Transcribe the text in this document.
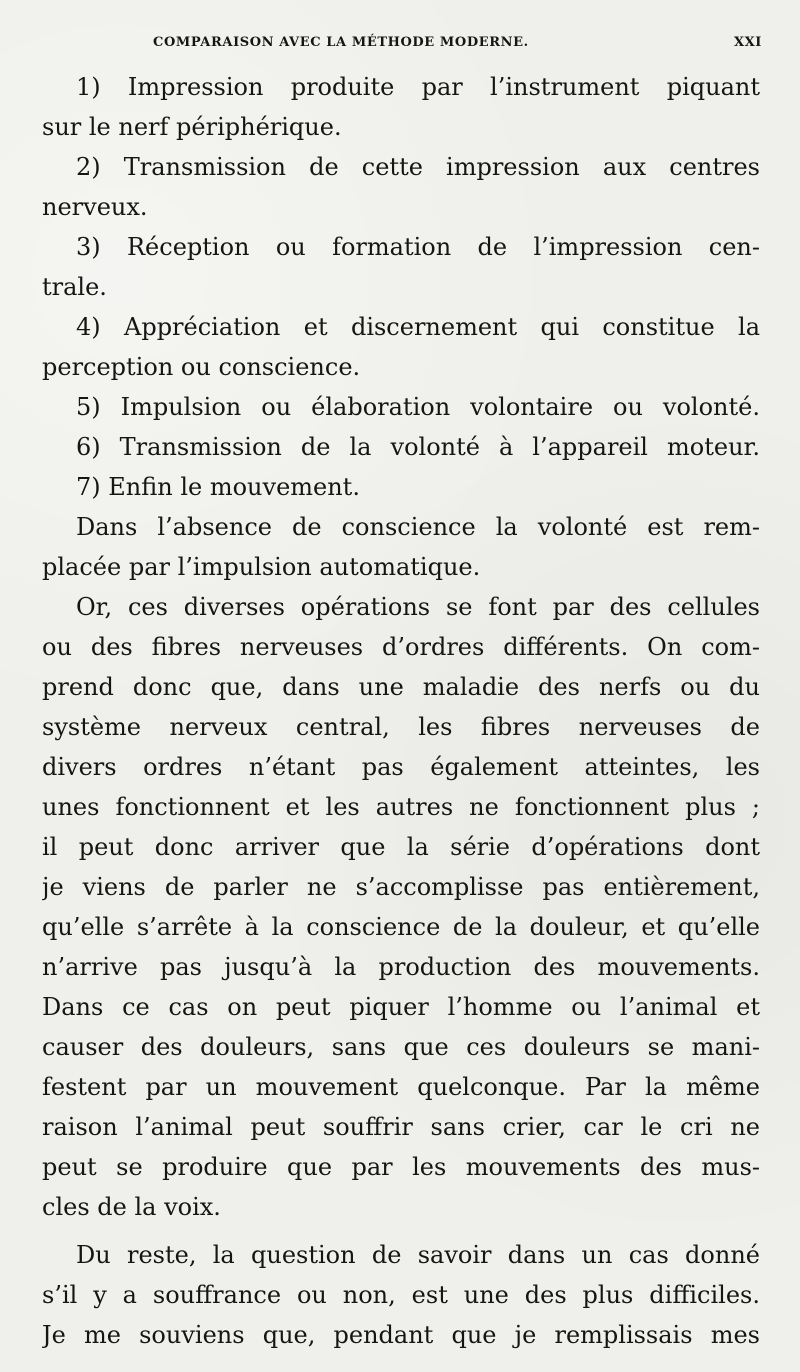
COMPARAISON AVEC LA MÉTHODE MODERNE.	XXI
1) Impression produite par l’instrument piquant
sur le nerf périphérique.
2) Transmission de cette impression aux centres
nerveux.
3) Réception ou formation de l’impression cen-
trale.
4) Appréciation et discernement qui constitue la
perception ou conscience.
5) Impulsion ou élaboration volontaire ou volonté.
6) Transmission de la volonté à l’appareil moteur.
7) Enfin le mouvement.
Dans l’absence de conscience la volonté est rem-
placée par l’impulsion automatique.
Or, ces diverses opérations se font par des cellules
ou des fibres nerveuses d’ordres différents. On com-
prend donc que, dans une maladie des nerfs ou du
système nerveux central, les fibres nerveuses de
divers ordres n’étant pas également atteintes, les
unes fonctionnent et les autres ne fonctionnent plus ;
il peut donc arriver que la série d’opérations dont
je viens de parler ne s’accomplisse pas entièrement,
qu’elle s’arrête à la conscience de la douleur, et qu’elle
n’arrive pas jusqu’à la production des mouvements.
Dans ce cas on peut piquer l’homme ou l’animal et
causer des douleurs, sans que ces douleurs se mani-
festent par un mouvement quelconque. Par la même
raison l’animal peut souffrir sans crier, car le cri ne
peut se produire que par les mouvements des mus-
cles de la voix.
Du reste, la question de savoir dans un cas donné
s’il y a souffrance ou non, est une des plus difficiles.
Je me souviens que, pendant que je remplissais mes
